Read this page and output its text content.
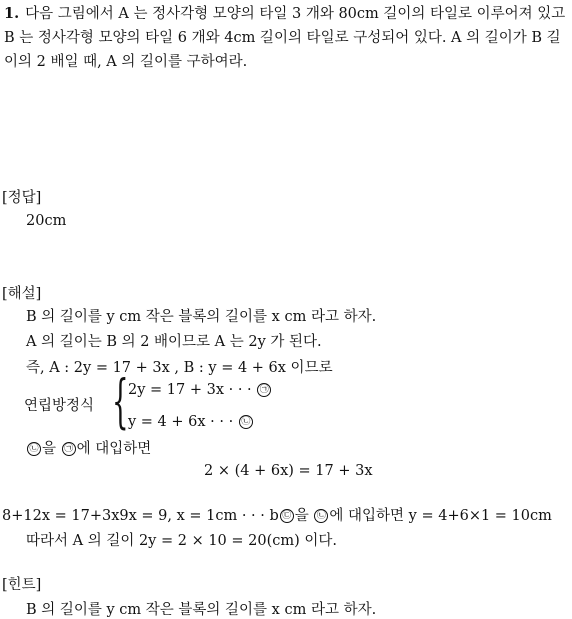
1. 다음 그림에서 A 는 정사각형 모양의 타일 3 개와 80cm 길이의 타일로 이루어져 있고 B 는 정사각형 모양의 타일 6 개와 4cm 길이의 타일로 구성되어 있다. A 의 길이가 B 길이의 2 배일 때, A 의 길이를 구하여라.
[정답]
20cm
[해설]
B 의 길이를 y cm 작은 블록의 길이를 x cm 라고 하자.
A 의 길이는 B 의 2 배이므로 A 는 2y 가 된다.
즉, A : 2y = 17 + 3x , B : y = 4 + 6x 이므로
연립방정식 { 2y = 17 + 3x · · · ㉠
y = 4 + 6x · · · ㉡
㉡ 을 ㉠ 에 대입하면
2 × (4 + 6x) = 17 + 3x
8+12x = 17+3x9x = 9, x = 1cm · · · b ㉢ 을 ㉡ 에 대입하면 y = 4+6×1 = 10cm
따라서 A 의 길이 2y = 2 × 10 = 20(cm) 이다.
[힌트]
B 의 길이를 y cm 작은 블록의 길이를 x cm 라고 하자.
